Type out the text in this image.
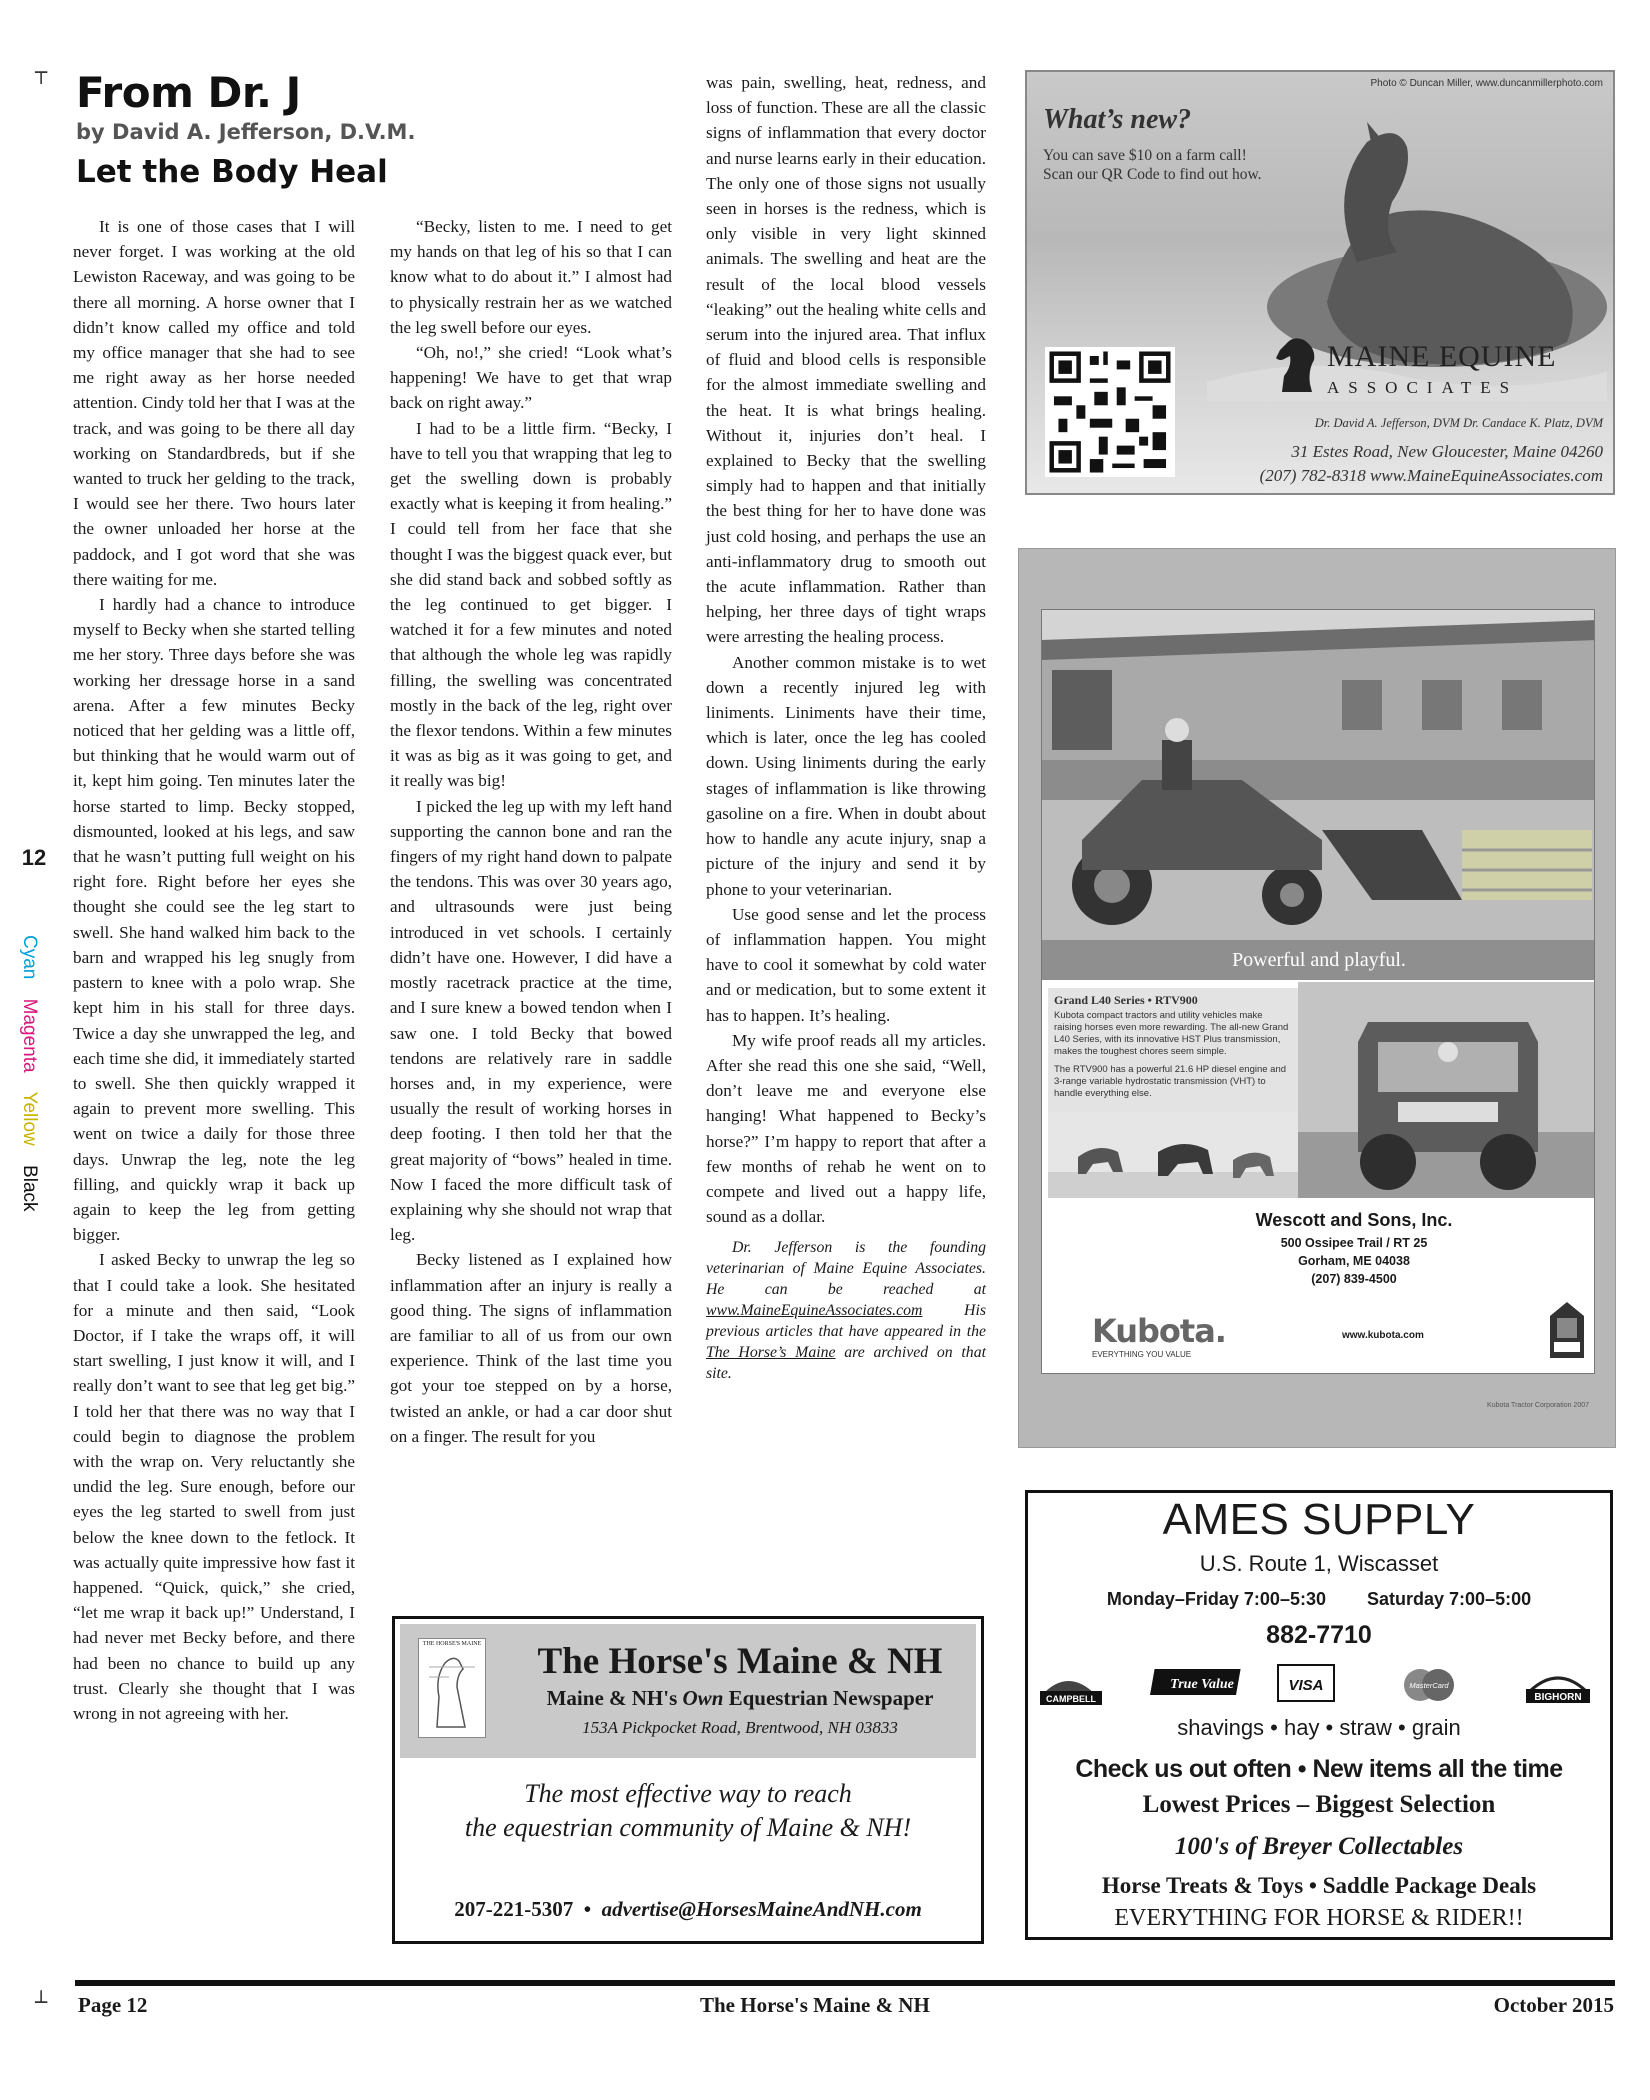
┬
┴
12
Cyan Magenta Yellow Black
From Dr. J
by David A. Jefferson, D.V.M.
Let the Body Heal

It is one of those cases that I will never forget. I was working at the old Lewiston Raceway, and was going to be there all morning. A horse owner that I didn’t know called my office and told my office manager that she had to see me right away as her horse needed attention. Cindy told her that I was at the track, and was going to be there all day working on Standardbreds, but if she wanted to truck her gelding to the track, I would see her there. Two hours later the owner unloaded her horse at the paddock, and I got word that she was there waiting for me.

I hardly had a chance to introduce myself to Becky when she started telling me her story. Three days before she was working her dressage horse in a sand arena. After a few minutes Becky noticed that her gelding was a little off, but thinking that he would warm out of it, kept him going. Ten minutes later the horse started to limp. Becky stopped, dismounted, looked at his legs, and saw that he wasn’t putting full weight on his right fore. Right before her eyes she thought she could see the leg start to swell. She hand walked him back to the barn and wrapped his leg snugly from pastern to knee with a polo wrap. She kept him in his stall for three days. Twice a day she unwrapped the leg, and each time she did, it immediately started to swell. She then quickly wrapped it again to prevent more swelling. This went on twice a daily for those three days. Unwrap the leg, note the leg filling, and quickly wrap it back up again to keep the leg from getting bigger.

I asked Becky to unwrap the leg so that I could take a look. She hesitated for a minute and then said, “Look Doctor, if I take the wraps off, it will start swelling, I just know it will, and I really don’t want to see that leg get big.” I told her that there was no way that I could begin to diagnose the problem with the wrap on. Very reluctantly she undid the leg. Sure enough, before our eyes the leg started to swell from just below the knee down to the fetlock. It was actually quite impressive how fast it happened. “Quick, quick,” she cried, “let me wrap it back up!” Understand, I had never met Becky before, and there had been no chance to build up any trust. Clearly she thought that I was wrong in not agreeing with her.

“Becky, listen to me. I need to get my hands on that leg of his so that I can know what to do about it.” I almost had to physically restrain her as we watched the leg swell before our eyes.

“Oh, no!,” she cried! “Look what’s happening! We have to get that wrap back on right away.”

I had to be a little firm. “Becky, I have to tell you that wrapping that leg to get the swelling down is probably exactly what is keeping it from healing.” I could tell from her face that she thought I was the biggest quack ever, but she did stand back and sobbed softly as the leg continued to get bigger. I watched it for a few minutes and noted that although the whole leg was rapidly filling, the swelling was concentrated mostly in the back of the leg, right over the flexor tendons. Within a few minutes it was as big as it was going to get, and it really was big!

I picked the leg up with my left hand supporting the cannon bone and ran the fingers of my right hand down to palpate the tendons. This was over 30 years ago, and ultrasounds were just being introduced in vet schools. I certainly didn’t have one. However, I did have a mostly racetrack practice at the time, and I sure knew a bowed tendon when I saw one. I told Becky that bowed tendons are relatively rare in saddle horses and, in my experience, were usually the result of working horses in deep footing. I then told her that the great majority of “bows” healed in time. Now I faced the more difficult task of explaining why she should not wrap that leg.

Becky listened as I explained how inflammation after an injury is really a good thing. The signs of inflammation are familiar to all of us from our own experience. Think of the last time you got your toe stepped on by a horse, twisted an ankle, or had a car door shut on a finger. The result for you

was pain, swelling, heat, redness, and loss of function. These are all the classic signs of inflammation that every doctor and nurse learns early in their education. The only one of those signs not usually seen in horses is the redness, which is only visible in very light skinned animals. The swelling and heat are the result of the local blood vessels “leaking” out the healing white cells and serum into the injured area. That influx of fluid and blood cells is responsible for the almost immediate swelling and the heat. It is what brings healing. Without it, injuries don’t heal. I explained to Becky that the swelling simply had to happen and that initially the best thing for her to have done was just cold hosing, and perhaps the use an anti-inflammatory drug to smooth out the acute inflammation. Rather than helping, her three days of tight wraps were arresting the healing process.

Another common mistake is to wet down a recently injured leg with liniments. Liniments have their time, which is later, once the leg has cooled down. Using liniments during the early stages of inflammation is like throwing gasoline on a fire. When in doubt about how to handle any acute injury, snap a picture of the injury and send it by phone to your veterinarian.

Use good sense and let the process of inflammation happen. You might have to cool it somewhat by cold water and or medication, but to some extent it has to happen. It’s healing.

My wife proof reads all my articles. After she read this one she said, “Well, don’t leave me and everyone else hanging! What happened to Becky’s horse?” I’m happy to report that after a few months of rehab he went on to compete and lived out a happy life, sound as a dollar.

Dr. Jefferson is the founding veterinarian of Maine Equine Associates. He can be reached at www.MaineEquineAssociates.com His previous articles that have appeared in the The Horse’s Maine are archived on that site.

Photo © Duncan Miller, www.duncanmillerphoto.com
What’s new?
You can save $10 on a farm call!
Scan our QR Code to find out how.
MAINE EQUINE
ASSOCIATES
Dr. David A. Jefferson, DVM Dr. Candace K. Platz, DVM
31 Estes Road, New Gloucester, Maine 04260
(207) 782-8318 www.MaineEquineAssociates.com
Powerful and playful.
Grand L40 Series • RTV900

Kubota compact tractors and utility vehicles make raising horses even more rewarding. The all-new Grand L40 Series, with its innovative HST Plus transmission, makes the toughest chores seem simple.

The RTV900 has a powerful 21.6 HP diesel engine and 3-range variable hydrostatic transmission (VHT) to handle everything else.

Wescott and Sons, Inc.
500 Ossipee Trail / RT 25
Gorham, ME 04038
(207) 839-4500
Kubota.
EVERYTHING YOU VALUE
www.kubota.com
Kubota Tractor Corporation 2007
THE HORSE'S MAINE	The Horse's Maine & NH
Maine & NH's Own Equestrian Newspaper
153A Pickpocket Road, Brentwood, NH 03833
The most effective way to reach
the equestrian community of Maine & NH!
207-221-5307 • advertise@HorsesMaineAndNH.com
AMES SUPPLY
U.S. Route 1, Wiscasset
Monday–Friday 7:00–5:30 Saturday 7:00–5:00
882-7710
CAMPBELL
True Value	VISA	MasterCard
BIGHORN
shavings • hay • straw • grain
Check us out often • New items all the time
Lowest Prices – Biggest Selection
100's of Breyer Collectables
Horse Treats & Toys • Saddle Package Deals
EVERYTHING FOR HORSE & RIDER!!
Page 12	The Horse's Maine & NH	October 2015
